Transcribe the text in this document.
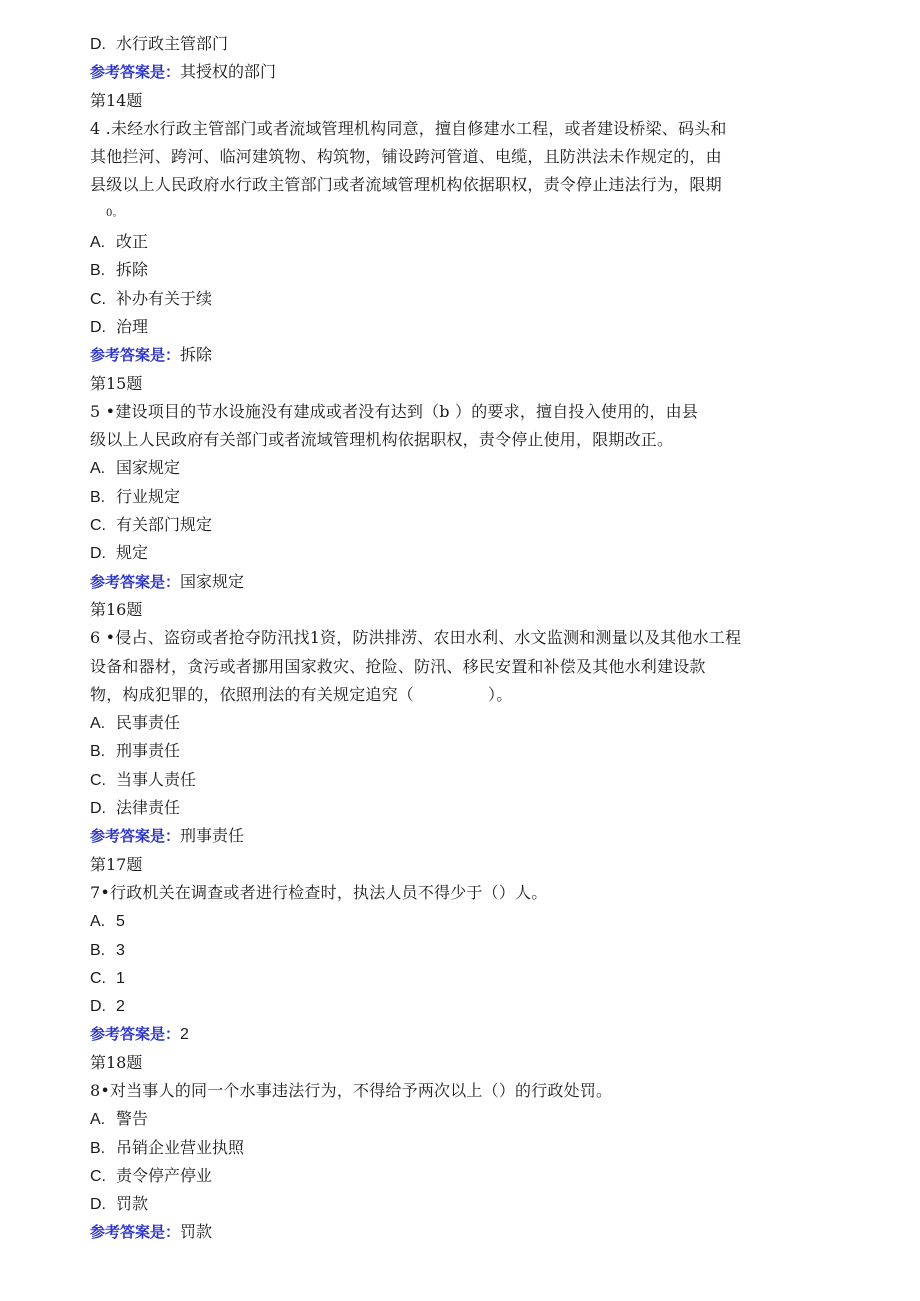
D. 水行政主管部门
参考答案是：其授权的部门
第14题
4 .未经水行政主管部门或者流域管理机构同意，擅自修建水工程，或者建设桥梁、码头和
其他拦河、跨河、临河建筑物、构筑物，铺设跨河管道、电缆，且防洪法未作规定的，由
县级以上人民政府水行政主管部门或者流域管理机构依据职权，责令停止违法行为，限期
0。
A. 改正
B. 拆除
C. 补办有关于续
D. 治理
参考答案是：拆除
第15题
5 •建设项目的节水设施没有建成或者没有达到（b ）的要求，擅自投入使用的，由县
级以上人民政府有关部门或者流域管理机构依据职权，责令停止使用，限期改正。
A. 国家规定
B. 行业规定
C. 有关部门规定
D. 规定
参考答案是：国家规定
第16题
6 •侵占、盗窃或者抢夺防汛找1资，防洪排涝、农田水利、水文监测和测量以及其他水工程
设备和器材，贪污或者挪用国家救灾、抢险、防汛、移民安置和补偿及其他水利建设款
物，构成犯罪的，依照刑法的有关规定追究（              ）。
A. 民事责任
B. 刑事责任
C. 当事人责任
D. 法律责任
参考答案是：刑事责任
第17题
7•行政机关在调查或者进行检查时，执法人员不得少于（）人。
A. 5
B. 3
C. 1
D. 2
参考答案是：2
第18题
8•对当事人的同一个水事违法行为，不得给予两次以上（）的行政处罚。
A. 警告
B. 吊销企业营业执照
C. 责令停产停业
D. 罚款
参考答案是：罚款
